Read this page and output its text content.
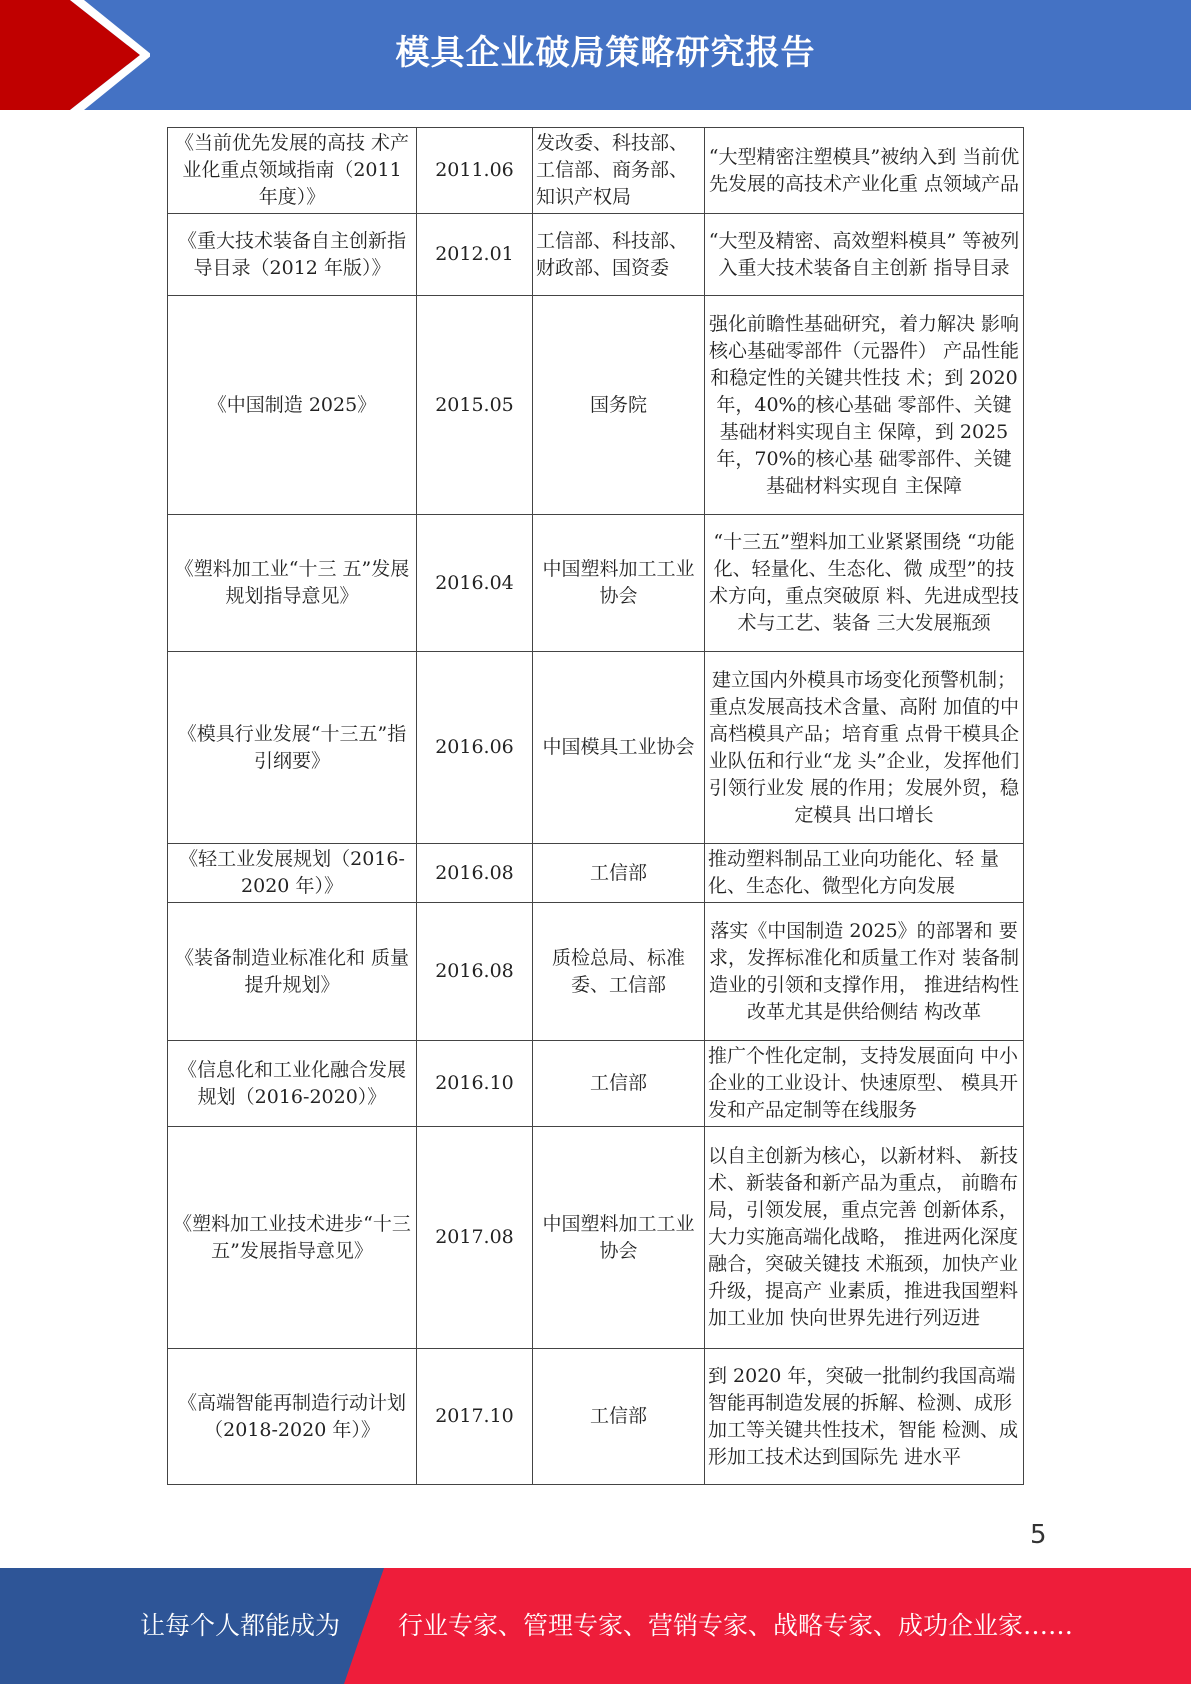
模具企业破局策略研究报告
《当前优先发展的高技 术产业化重点领域指南（2011 年度）》	2011.06	发改委、科技部、工信部、商务部、知识产权局	“大型精密注塑模具”被纳入到 当前优先发展的高技术产业化重 点领域产品
《重大技术装备自主创新指导目录（2012 年版）》	2012.01	工信部、科技部、财政部、国资委	“大型及精密、高效塑料模具” 等被列入重大技术装备自主创新 指导目录
《中国制造 2025》	2015.05	国务院	强化前瞻性基础研究，着力解决 影响核心基础零部件（元器件） 产品性能和稳定性的关键共性技 术；到 2020 年，40%的核心基础 零部件、关键基础材料实现自主 保障，到 2025 年，70%的核心基 础零部件、关键基础材料实现自 主保障
《塑料加工业“十三 五”发展规划指导意见》	2016.04	中国塑料加工工业协会	“十三五”塑料加工业紧紧围绕 “功能化、轻量化、生态化、微 成型”的技术方向，重点突破原 料、先进成型技术与工艺、装备 三大发展瓶颈
《模具行业发展“十三五”指引纲要》	2016.06	中国模具工业协会	建立国内外模具市场变化预警机制；重点发展高技术含量、高附 加值的中高档模具产品；培育重 点骨干模具企业队伍和行业“龙 头”企业，发挥他们引领行业发 展的作用；发展外贸，稳定模具 出口增长
《轻工业发展规划（2016-2020 年）》	2016.08	工信部	推动塑料制品工业向功能化、轻 量化、生态化、微型化方向发展
《装备制造业标准化和 质量提升规划》	2016.08	质检总局、标准委、工信部	落实《中国制造 2025》的部署和 要求，发挥标准化和质量工作对 装备制造业的引领和支撑作用， 推进结构性改革尤其是供给侧结 构改革
《信息化和工业化融合发展规划（2016-2020）》	2016.10	工信部	推广个性化定制，支持发展面向 中小企业的工业设计、快速原型、 模具开发和产品定制等在线服务
《塑料加工业技术进步“十三五”发展指导意见》	2017.08	中国塑料加工工业协会	以自主创新为核心，以新材料、 新技术、新装备和新产品为重点， 前瞻布局，引领发展，重点完善 创新体系，大力实施高端化战略， 推进两化深度融合，突破关键技 术瓶颈，加快产业升级，提高产 业素质，推进我国塑料加工业加 快向世界先进行列迈进
《高端智能再制造行动计划（2018-2020 年）》	2017.10	工信部	到 2020 年，突破一批制约我国高端智能再制造发展的拆解、检测、成形加工等关键共性技术，智能 检测、成形加工技术达到国际先 进水平
5
让每个人都能成为 行业专家、管理专家、营销专家、战略专家、成功企业家……
